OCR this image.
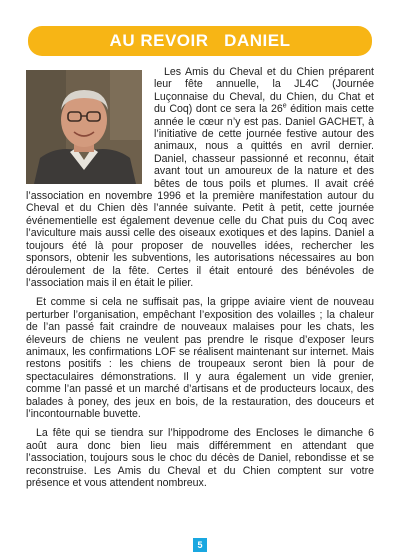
AU REVOIR   DANIEL

Les Amis du Cheval et du Chien préparent leur fête annuelle, la JL4C (Journée Luçonnaise du Cheval, du Chien, du Chat et du Coq) dont ce sera la 26e édition mais cette année le cœur n’y est pas. Daniel GACHET, à l’initiative de cette journée festive autour des animaux, nous a quittés en avril dernier. Daniel, chasseur passionné et reconnu, était avant tout un amoureux de la nature et des bêtes de tous poils et plumes. Il avait créé l’association en novembre 1996 et la première manifestation autour du Cheval et du Chien dès l’année suivante. Petit à petit, cette journée événementielle est également devenue celle du Chat puis du Coq avec l’aviculture mais aussi celle des oiseaux exotiques et des lapins. Daniel a toujours été là pour proposer de nouvelles idées, rechercher les sponsors, obtenir les subventions, les autorisations nécessaires au bon déroulement de la fête. Certes il était entouré des bénévoles de l’association mais il en était le pilier.

Et comme si cela ne suffisait pas, la grippe aviaire vient de nouveau perturber l’organisation, empêchant l’exposition des volailles ; la chaleur de l’an passé fait craindre de nouveaux malaises pour les chats, les éleveurs de chiens ne veulent pas prendre le risque d’exposer leurs animaux, les confirmations LOF se réalisent maintenant sur internet. Mais restons positifs : les chiens de troupeaux seront bien là pour de spectaculaires démonstrations. Il y aura également un vide grenier, comme l’an passé et un marché d’artisans et de producteurs locaux, des balades à poney, des jeux en bois, de la restauration, des douceurs et l’incontournable buvette.

La fête qui se tiendra sur l’hippodrome des Encloses le dimanche 6 août aura donc bien lieu mais différemment en attendant que l’association, toujours sous le choc du décès de Daniel, rebondisse et se reconstruise. Les Amis du Cheval et du Chien comptent sur votre présence et vous attendent nombreux.

5
